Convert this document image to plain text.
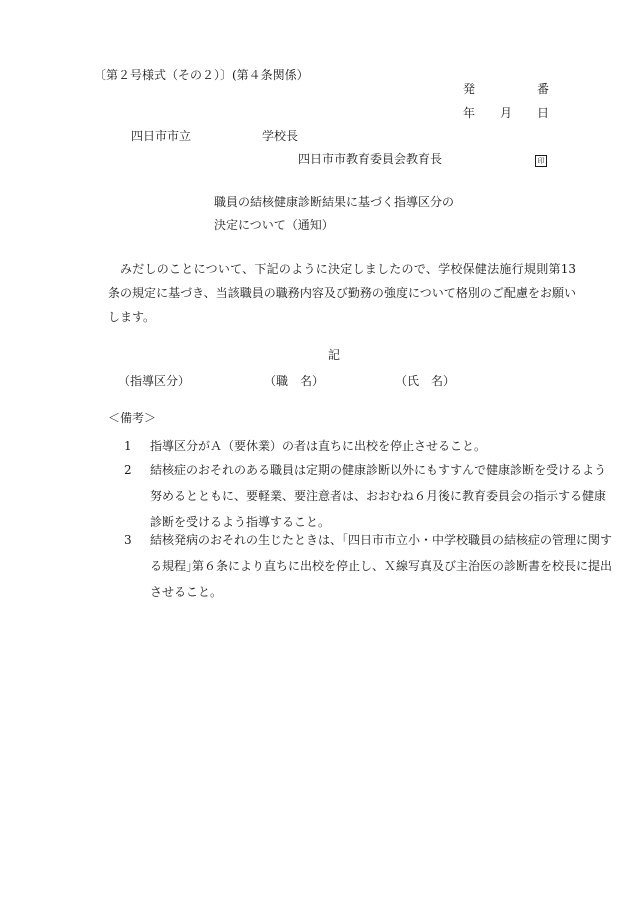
〔第２号様式（その２）〕(第４条関係）
発	番
年 月 日
四日市市立	学校長
四日市市教育委員会教育長	印
職員の結核健康診断結果に基づく指導区分の
決定について（通知）
みだしのことについて、下記のように決定しましたので、学校保健法施行規則第13条の規定に基づき、当該職員の職務内容及び勤務の強度について格別のご配慮をお願いします。
記
（指導区分）	（職　名）	（氏　名）
＜備考＞
1 指導区分がＡ（要休業）の者は直ちに出校を停止させること。
2 結核症のおそれのある職員は定期の健康診断以外にもすすんで健康診断を受けるよう努めるとともに、要軽業、要注意者は、おおむね６月後に教育委員会の指示する健康診断を受けるよう指導すること。
3 結核発病のおそれの生じたときは、｢四日市市立小・中学校職員の結核症の管理に関する規程｣第６条により直ちに出校を停止し、Ｘ線写真及び主治医の診断書を校長に提出させること。
